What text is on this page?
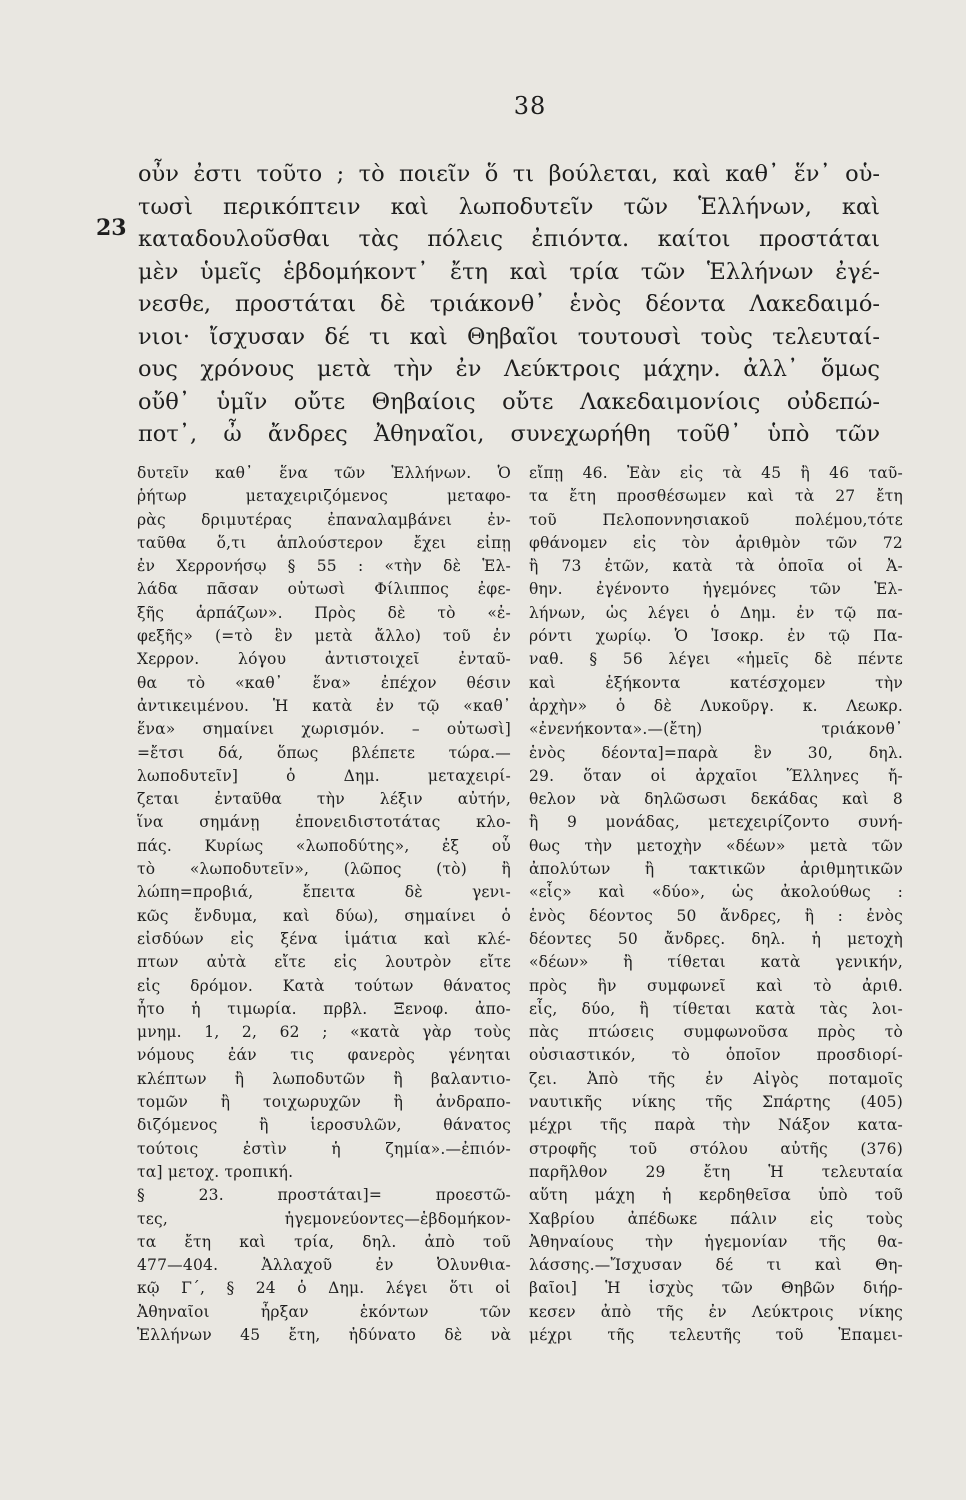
38
23
οὖν ἐστι τοῦτο ; τὸ ποιεῖν ὅ τι βούλεται, καὶ καθ᾽ ἕν᾽ οὑ-
τωσὶ περικόπτειν καὶ λωποδυτεῖν τῶν Ἑλλήνων, καὶ
καταδουλοῦσθαι τὰς πόλεις ἐπιόντα. καίτοι προστάται
μὲν ὑμεῖς ἑβδομήκοντ᾽ ἔτη καὶ τρία τῶν Ἑλλήνων ἐγέ-
νεσθε, προστάται δὲ τριάκονθ᾽ ἑνὸς δέοντα Λακεδαιμό-
νιοι· ἴσχυσαν δέ τι καὶ Θηβαῖοι τουτουσὶ τοὺς τελευταί-
ους χρόνους μετὰ τὴν ἐν Λεύκτροις μάχην. ἀλλ᾽ ὅμως
οὔθ᾽ ὑμῖν οὔτε Θηβαίοις οὔτε Λακεδαιμονίοις οὐδεπώ-
ποτ᾽, ὦ ἄνδρες Ἀθηναῖοι, συνεχωρήθη τοῦθ᾽ ὑπὸ τῶν
δυτεῖν καθ᾽ ἕνα τῶν Ἑλλήνων. Ὁ
ῥήτωρ μεταχειριζόμενος μεταφο-
ρὰς δριμυτέρας ἐπαναλαμβάνει ἐν-
ταῦθα ὅ,τι ἁπλούστερον ἔχει εἰπῃ
ἐν Χερρονήσῳ § 55 : «τὴν δὲ Ἑλ-
λάδα πᾶσαν οὑτωσὶ Φίλιππος ἐφε-
ξῆς ἁρπάζων». Πρὸς δὲ τὸ «ἐ-
φεξῆς» (=τὸ ἓν μετὰ ἄλλο) τοῦ ἐν
Χερρον. λόγου ἀντιστοιχεῖ ἐνταῦ-
θα τὸ «καθ᾽ ἕνα» ἐπέχον θέσιν
ἀντικειμένου. Ἡ κατὰ ἐν τῷ «καθ᾽
ἕνα» σημαίνει χωρισμόν. – οὑτωσὶ]
=ἔτσι δά, ὅπως βλέπετε τώρα.—
λωποδυτεῖν] ὁ Δημ. μεταχειρί-
ζεται ἐνταῦθα τὴν λέξιν αὐτήν,
ἵνα σημάνῃ ἐπονειδιστοτάτας κλο-
πάς. Κυρίως «λωποδύτης», ἐξ οὗ
τὸ «λωποδυτεῖν», (λῶπος (τὸ) ἢ
λώπη=προβιά, ἔπειτα δὲ γενι-
κῶς ἔνδυμα, καὶ δύω), σημαίνει ὁ
εἰσδύων εἰς ξένα ἱμάτια καὶ κλέ-
πτων αὐτὰ εἴτε εἰς λουτρὸν εἴτε
εἰς δρόμον. Κατὰ τούτων θάνατος
ἦτο ἡ τιμωρία. πρβλ. Ξενοφ. ἀπο-
μνημ. 1, 2, 62 ; «κατὰ γὰρ τοὺς
νόμους ἐάν τις φανερὸς γένηται
κλέπτων ἢ λωποδυτῶν ἢ βαλαντιο-
τομῶν ἢ τοιχωρυχῶν ἢ ἀνδραπο-
διζόμενος ἢ ἱεροσυλῶν, θάνατος
τούτοις ἐστὶν ἡ ζημία».—ἐπιόν-
τα] μετοχ. τροπική.
§ 23. προστάται]= προεστῶ-
τες, ἡγεμονεύοντες—ἑβδομήκον-
τα ἔτη καὶ τρία, δηλ. ἀπὸ τοῦ
477—404. Ἀλλαχοῦ ἐν Ὀλυνθια-
κῷ Γ΄, § 24 ὁ Δημ. λέγει ὅτι οἱ
Ἀθηναῖοι ἦρξαν ἑκόντων τῶν
Ἑλλήνων 45 ἔτη, ἠδύνατο δὲ νὰ
εἴπῃ 46. Ἐὰν εἰς τὰ 45 ἢ 46 ταῦ-
τα ἔτη προσθέσωμεν καὶ τὰ 27 ἔτη
τοῦ Πελοποννησιακοῦ πολέμου,τότε
φθάνομεν εἰς τὸν ἀριθμὸν τῶν 72
ἢ 73 ἐτῶν, κατὰ τὰ ὁποῖα οἱ Ἀ-
θην. ἐγένοντο ἡγεμόνες τῶν Ἑλ-
λήνων, ὡς λέγει ὁ Δημ. ἐν τῷ πα-
ρόντι χωρίῳ. Ὁ Ἰσοκρ. ἐν τῷ Πα-
ναθ. § 56 λέγει «ἡμεῖς δὲ πέντε
καὶ ἑξήκοντα κατέσχομεν τὴν
ἀρχὴν» ὁ δὲ Λυκοῦργ. κ. Λεωκρ.
«ἐνενήκοντα».—(ἔτη) τριάκονθ᾽
ἑνὸς δέοντα]=παρὰ ἓν 30, δηλ.
29. ὅταν οἱ ἀρχαῖοι Ἕλληνες ἤ-
θελον νὰ δηλῶσωσι δεκάδας καὶ 8
ἢ 9 μονάδας, μετεχειρίζοντο συνή-
θως τὴν μετοχὴν «δέων» μετὰ τῶν
ἀπολύτων ἢ τακτικῶν ἀριθμητικῶν
«εἷς» καὶ «δύο», ὡς ἀκολούθως :
ἑνὸς δέοντος 50 ἄνδρες, ἢ : ἑνὸς
δέοντες 50 ἄνδρες. δηλ. ἡ μετοχὴ
«δέων» ἢ τίθεται κατὰ γενικήν,
πρὸς ἣν συμφωνεῖ καὶ τὸ ἀριθ.
εἷς, δύο, ἢ τίθεται κατὰ τὰς λοι-
πὰς πτώσεις συμφωνοῦσα πρὸς τὸ
οὐσιαστικόν, τὸ ὁποῖον προσδιορί-
ζει. Ἀπὸ τῆς ἐν Αἰγὸς ποταμοῖς
ναυτικῆς νίκης τῆς Σπάρτης (405)
μέχρι τῆς παρὰ τὴν Νάξον κατα-
στροφῆς τοῦ στόλου αὐτῆς (376)
παρῆλθον 29 ἔτη Ἡ τελευταία
αὕτη μάχη ἡ κερδηθεῖσα ὑπὸ τοῦ
Χαβρίου ἀπέδωκε πάλιν εἰς τοὺς
Ἀθηναίους τὴν ἡγεμονίαν τῆς θα-
λάσσης.—Ἴσχυσαν δέ τι καὶ Θη-
βαῖοι] Ἡ ἰσχὺς τῶν Θηβῶν διήρ-
κεσεν ἀπὸ τῆς ἐν Λεύκτροις νίκης
μέχρι τῆς τελευτῆς τοῦ Ἐπαμει-
